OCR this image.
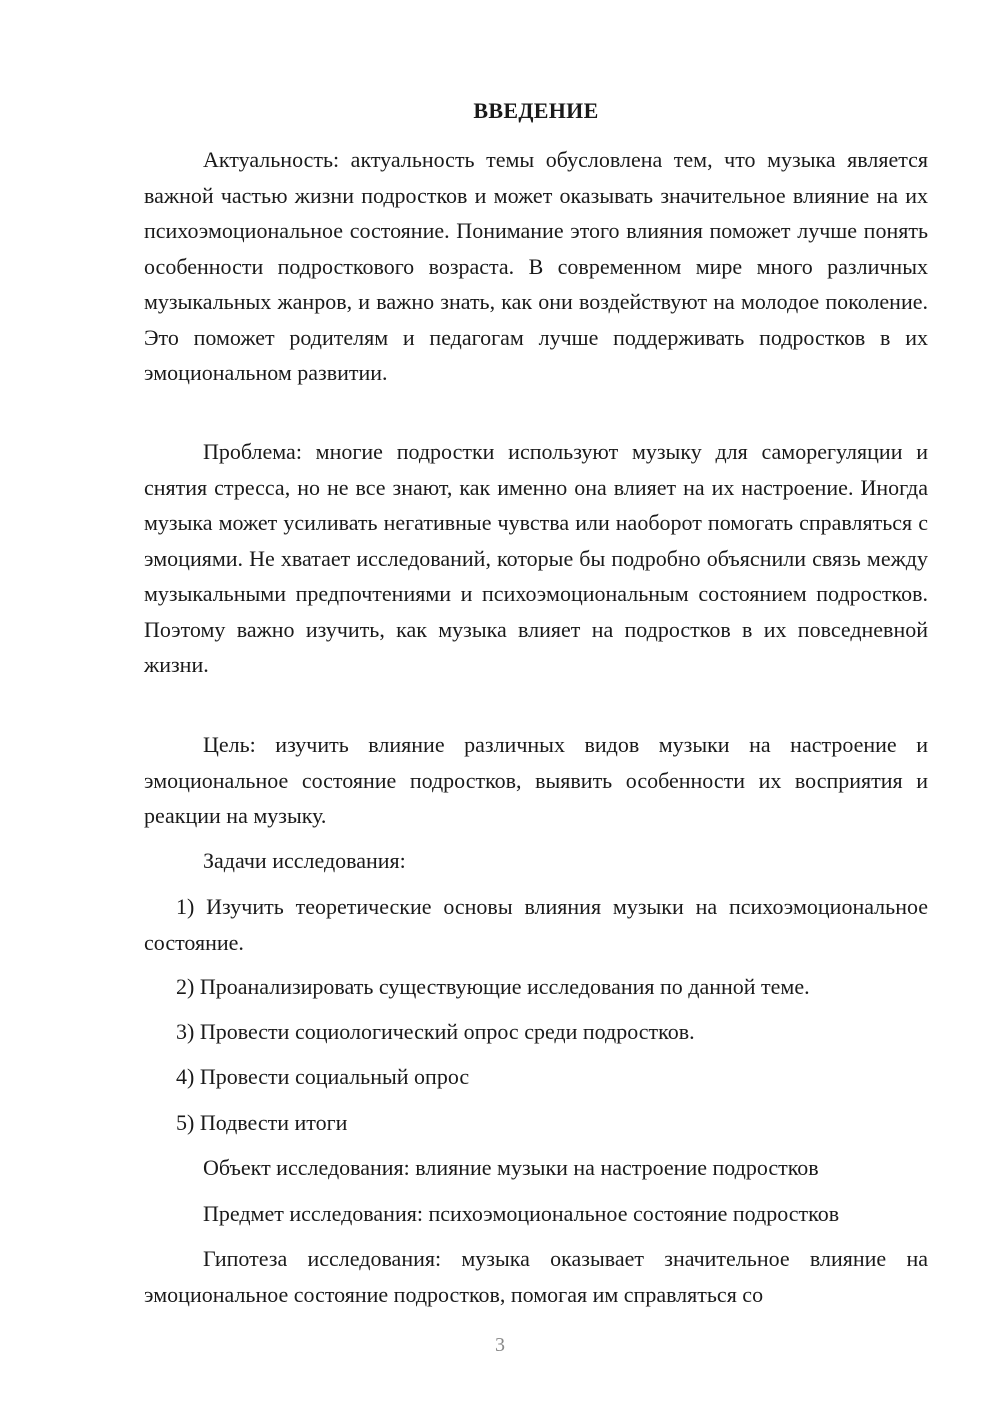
ВВЕДЕНИЕ

Актуальность: актуальность темы обусловлена тем, что музыка является важной частью жизни подростков и может оказывать значительное влияние на их психоэмоциональное состояние. Понимание этого влияния поможет лучше понять особенности подросткового возраста. В современном мире много различных музыкальных жанров, и важно знать, как они воздействуют на молодое поколение. Это поможет родителям и педагогам лучше поддерживать подростков в их эмоциональном развитии.

Проблема: многие подростки используют музыку для саморегуляции и снятия стресса, но не все знают, как именно она влияет на их настроение. Иногда музыка может усиливать негативные чувства или наоборот помогать справляться с эмоциями. Не хватает исследований, которые бы подробно объяснили связь между музыкальными предпочтениями и психоэмоциональным состоянием подростков. Поэтому важно изучить, как музыка влияет на подростков в их повседневной жизни.

Цель: изучить влияние различных видов музыки на настроение и эмоциональное состояние подростков, выявить особенности их восприятия и реакции на музыку.

Задачи исследования:

1) Изучить теоретические основы влияния музыки на психоэмоциональное состояние.

2) Проанализировать существующие исследования по данной теме.

3) Провести социологический опрос среди подростков.

4) Провести социальный опрос

5) Подвести итоги

Объект исследования: влияние музыки на настроение подростков

Предмет исследования: психоэмоциональное состояние подростков

Гипотеза исследования: музыка оказывает значительное влияние на эмоциональное состояние подростков, помогая им справляться со

3
